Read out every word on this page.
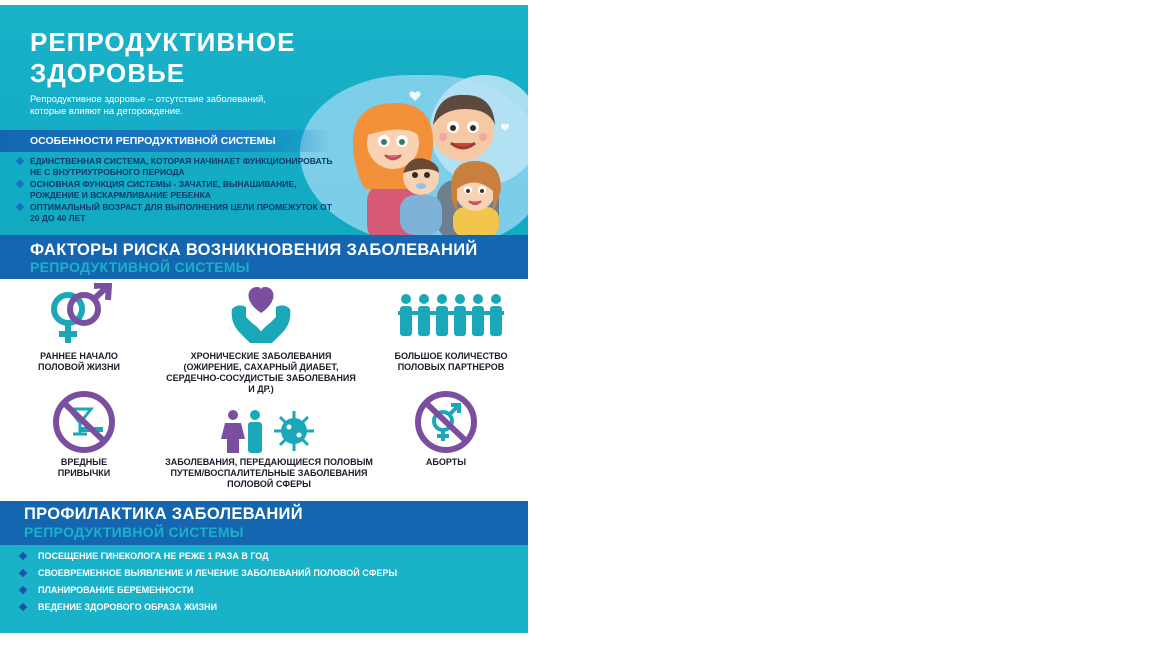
РЕПРОДУКТИВНОЕ
ЗДОРОВЬЕ

Репродуктивное здоровье – отсутствие заболеваний, которые влияют на деторождение.

ОСОБЕННОСТИ РЕПРОДУКТИВНОЙ СИСТЕМЫ
ЕДИНСТВЕННАЯ СИСТЕМА, КОТОРАЯ НАЧИНАЕТ ФУНКЦИОНИРОВАТЬ НЕ С ВНУТРИУТРОБНОГО ПЕРИОДА
ОСНОВНАЯ ФУНКЦИЯ СИСТЕМЫ - ЗАЧАТИЕ, ВЫНАШИВАНИЕ, РОЖДЕНИЕ И ВСКАРМЛИВАНИЕ РЕБЕНКА
ОПТИМАЛЬНЫЙ ВОЗРАСТ ДЛЯ ВЫПОЛНЕНИЯ ЦЕЛИ ПРОМЕЖУТОК ОТ 20 ДО 40 ЛЕТ
ФАКТОРЫ РИСКА ВОЗНИКНОВЕНИЯ ЗАБОЛЕВАНИЙ
РЕПРОДУКТИВНОЙ СИСТЕМЫ
РАННЕЕ НАЧАЛО ПОЛОВОЙ ЖИЗНИ
ХРОНИЧЕСКИЕ ЗАБОЛЕВАНИЯ (ОЖИРЕНИЕ, САХАРНЫЙ ДИАБЕТ, СЕРДЕЧНО-СОСУДИСТЫЕ ЗАБОЛЕВАНИЯ И ДР.)
БОЛЬШОЕ КОЛИЧЕСТВО ПОЛОВЫХ ПАРТНЕРОВ
ВРЕДНЫЕ ПРИВЫЧКИ
ЗАБОЛЕВАНИЯ, ПЕРЕДАЮЩИЕСЯ ПОЛОВЫМ ПУТЕМ/ВОСПАЛИТЕЛЬНЫЕ ЗАБОЛЕВАНИЯ ПОЛОВОЙ СФЕРЫ
АБОРТЫ
ПРОФИЛАКТИКА ЗАБОЛЕВАНИЙ
РЕПРОДУКТИВНОЙ СИСТЕМЫ
ПОСЕЩЕНИЕ ГИНЕКОЛОГА НЕ РЕЖЕ 1 РАЗА В ГОД
СВОЕВРЕМЕННОЕ ВЫЯВЛЕНИЕ И ЛЕЧЕНИЕ ЗАБОЛЕВАНИЙ ПОЛОВОЙ СФЕРЫ
ПЛАНИРОВАНИЕ БЕРЕМЕННОСТИ
ВЕДЕНИЕ ЗДОРОВОГО ОБРАЗА ЖИЗНИ
